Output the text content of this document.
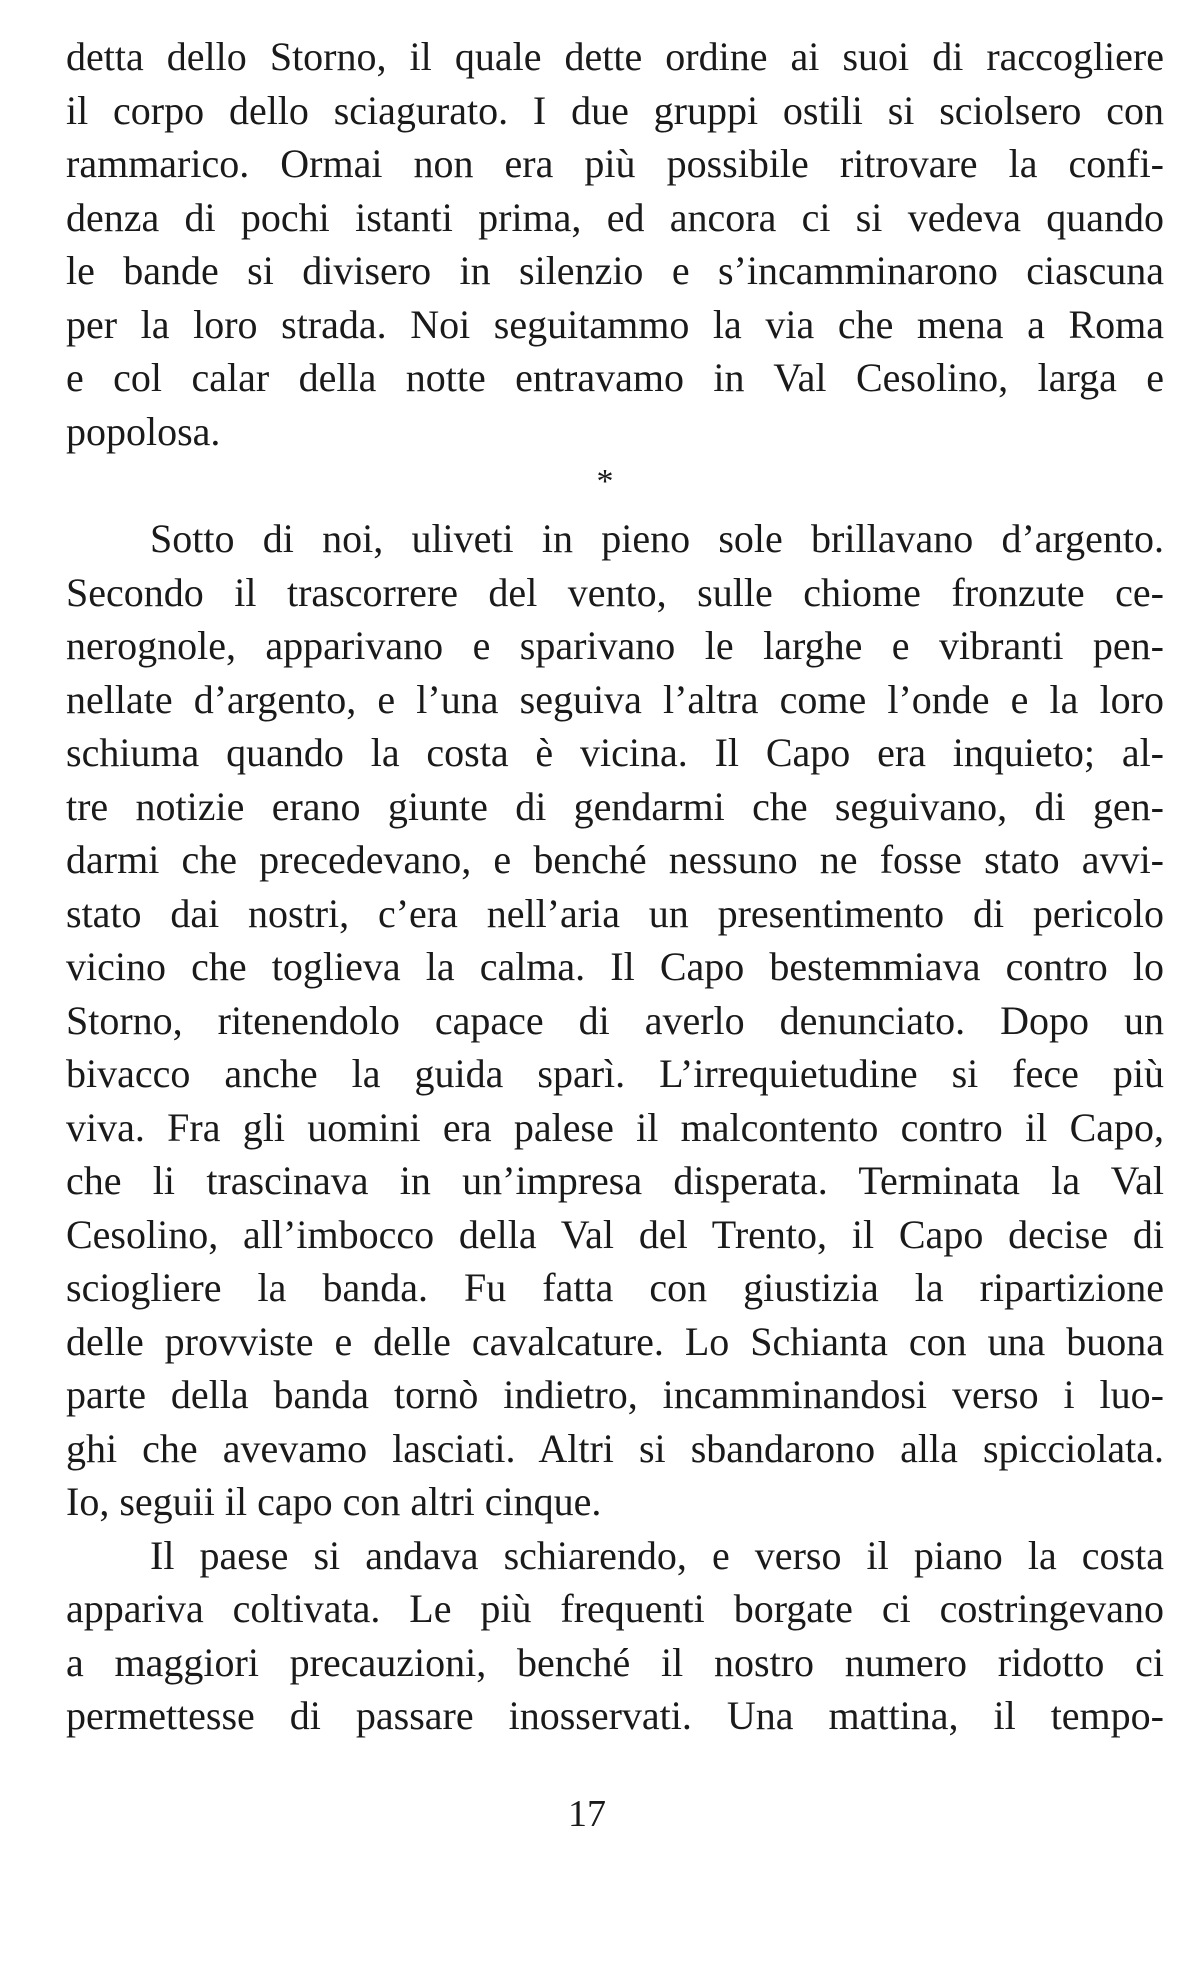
detta dello Storno, il quale dette ordine ai suoi di raccogliere
il corpo dello sciagurato. I due gruppi ostili si sciolsero con
rammarico. Ormai non era più possibile ritrovare la confi-
denza di pochi istanti prima, ed ancora ci si vedeva quando
le bande si divisero in silenzio e s’incamminarono ciascuna
per la loro strada. Noi seguitammo la via che mena a Roma
e col calar della notte entravamo in Val Cesolino, larga e
popolosa.
*
Sotto di noi, uliveti in pieno sole brillavano d’argento.
Secondo il trascorrere del vento, sulle chiome fronzute ce-
nerognole, apparivano e sparivano le larghe e vibranti pen-
nellate d’argento, e l’una seguiva l’altra come l’onde e la loro
schiuma quando la costa è vicina. Il Capo era inquieto; al-
tre notizie erano giunte di gendarmi che seguivano, di gen-
darmi che precedevano, e benché nessuno ne fosse stato avvi-
stato dai nostri, c’era nell’aria un presentimento di pericolo
vicino che toglieva la calma. Il Capo bestemmiava contro lo
Storno, ritenendolo capace di averlo denunciato. Dopo un
bivacco anche la guida sparì. L’irrequietudine si fece più
viva. Fra gli uomini era palese il malcontento contro il Capo,
che li trascinava in un’impresa disperata. Terminata la Val
Cesolino, all’imbocco della Val del Trento, il Capo decise di
sciogliere la banda. Fu fatta con giustizia la ripartizione
delle provviste e delle cavalcature. Lo Schianta con una buona
parte della banda tornò indietro, incamminandosi verso i luo-
ghi che avevamo lasciati. Altri si sbandarono alla spicciolata.
Io, seguii il capo con altri cinque.
Il paese si andava schiarendo, e verso il piano la costa
appariva coltivata. Le più frequenti borgate ci costringevano
a maggiori precauzioni, benché il nostro numero ridotto ci
permettesse di passare inosservati. Una mattina, il tempo-
17
